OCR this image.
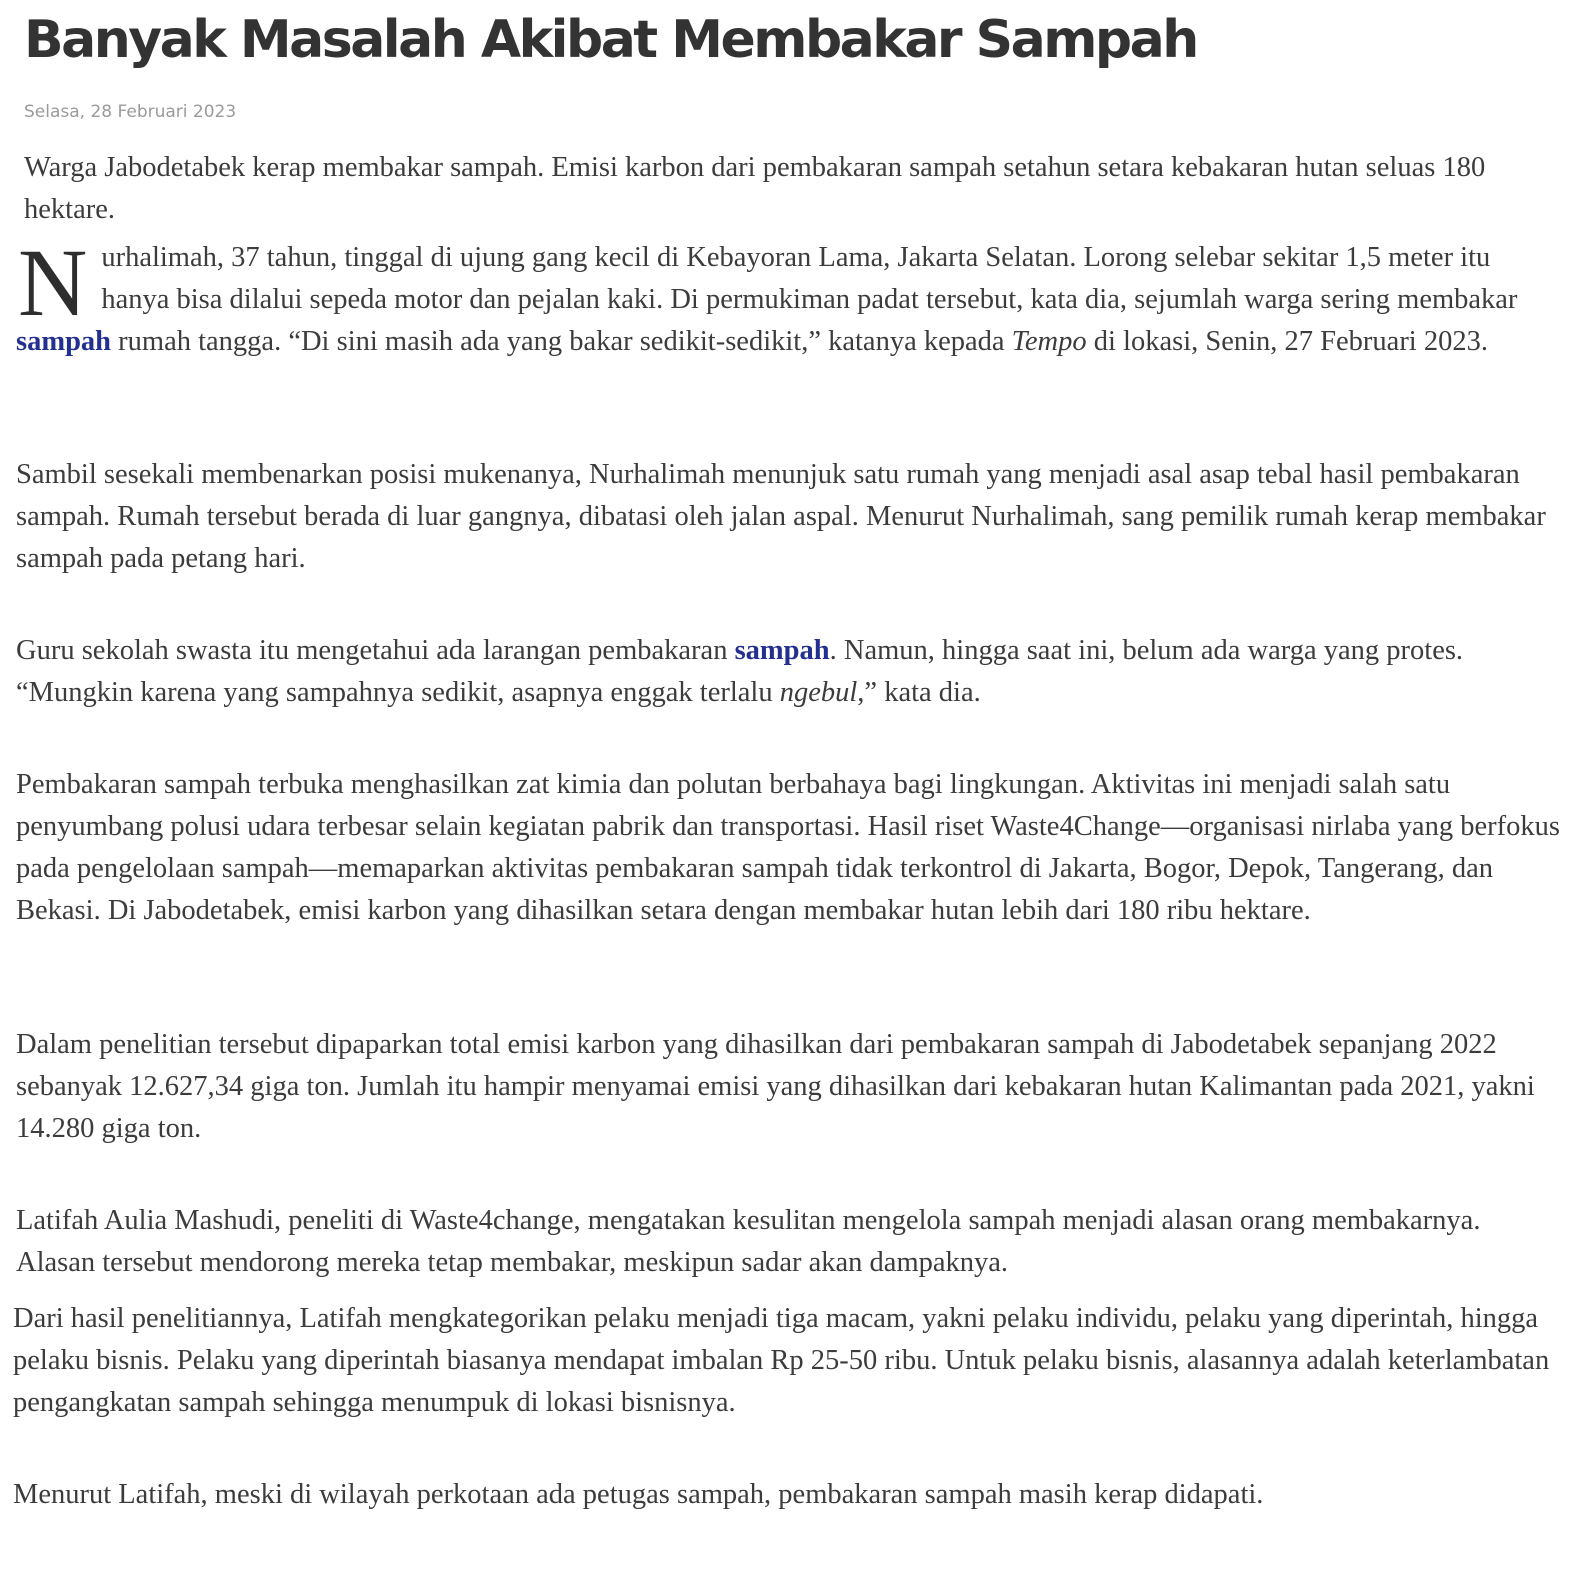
Banyak Masalah Akibat Membakar Sampah
Selasa, 28 Februari 2023

Warga Jabodetabek kerap membakar sampah. Emisi karbon dari pembakaran sampah setahun setara kebakaran hutan seluas 180 hektare.

Nurhalimah, 37 tahun, tinggal di ujung gang kecil di Kebayoran Lama, Jakarta Selatan. Lorong selebar sekitar 1,5 meter itu hanya bisa dilalui sepeda motor dan pejalan kaki. Di permukiman padat tersebut, kata dia, sejumlah warga sering membakar sampah rumah tangga. “Di sini masih ada yang bakar sedikit-sedikit,” katanya kepada Tempo di lokasi, Senin, 27 Februari 2023.

Sambil sesekali membenarkan posisi mukenanya, Nurhalimah menunjuk satu rumah yang menjadi asal asap tebal hasil pembakaran sampah. Rumah tersebut berada di luar gangnya, dibatasi oleh jalan aspal. Menurut Nurhalimah, sang pemilik rumah kerap membakar sampah pada petang hari.

Guru sekolah swasta itu mengetahui ada larangan pembakaran sampah. Namun, hingga saat ini, belum ada warga yang protes. “Mungkin karena yang sampahnya sedikit, asapnya enggak terlalu ngebul,” kata dia.

Pembakaran sampah terbuka menghasilkan zat kimia dan polutan berbahaya bagi lingkungan. Aktivitas ini menjadi salah satu penyumbang polusi udara terbesar selain kegiatan pabrik dan transportasi. Hasil riset Waste4Change—organisasi nirlaba yang berfokus pada pengelolaan sampah—memaparkan aktivitas pembakaran sampah tidak terkontrol di Jakarta, Bogor, Depok, Tangerang, dan Bekasi. Di Jabodetabek, emisi karbon yang dihasilkan setara dengan membakar hutan lebih dari 180 ribu hektare.

Dalam penelitian tersebut dipaparkan total emisi karbon yang dihasilkan dari pembakaran sampah di Jabodetabek sepanjang 2022 sebanyak 12.627,34 giga ton. Jumlah itu hampir menyamai emisi yang dihasilkan dari kebakaran hutan Kalimantan pada 2021, yakni 14.280 giga ton.

Latifah Aulia Mashudi, peneliti di Waste4change, mengatakan kesulitan mengelola sampah menjadi alasan orang membakarnya. Alasan tersebut mendorong mereka tetap membakar, meskipun sadar akan dampaknya.

Dari hasil penelitiannya, Latifah mengkategorikan pelaku menjadi tiga macam, yakni pelaku individu, pelaku yang diperintah, hingga pelaku bisnis. Pelaku yang diperintah biasanya mendapat imbalan Rp 25-50 ribu. Untuk pelaku bisnis, alasannya adalah keterlambatan pengangkatan sampah sehingga menumpuk di lokasi bisnisnya.

Menurut Latifah, meski di wilayah perkotaan ada petugas sampah, pembakaran sampah masih kerap didapati.
